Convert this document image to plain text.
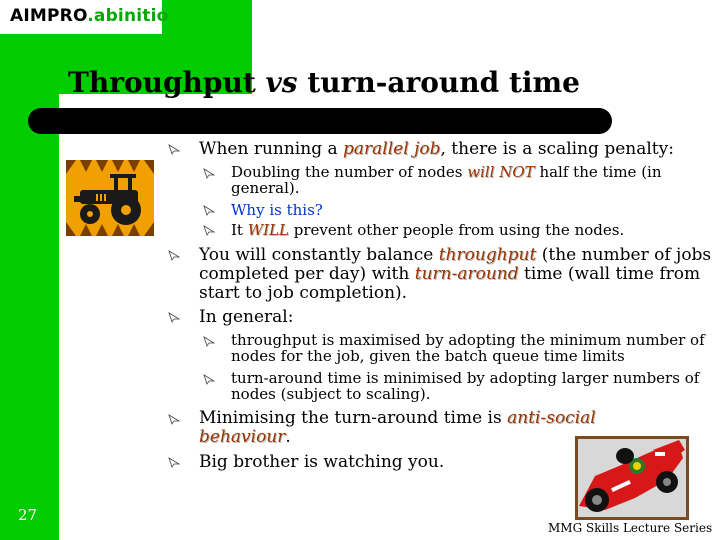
AIMPRO.abinitio
Throughput vs turn-around time
When running a parallel job, there is a scaling penalty:
Doubling the number of nodes will NOT half the time (in general).
Why is this?
It WILL prevent other people from using the nodes.
You will constantly balance throughput (the number of jobs completed per day) with turn-around time (wall time from start to job completion).
In general:
throughput is maximised by adopting the minimum number of nodes for the job, given the batch queue time limits
turn-around time is minimised by adopting larger numbers of nodes (subject to scaling).
Minimising the turn-around time is anti-social behaviour.
Big brother is watching you.
27
MMG Skills Lecture Series
